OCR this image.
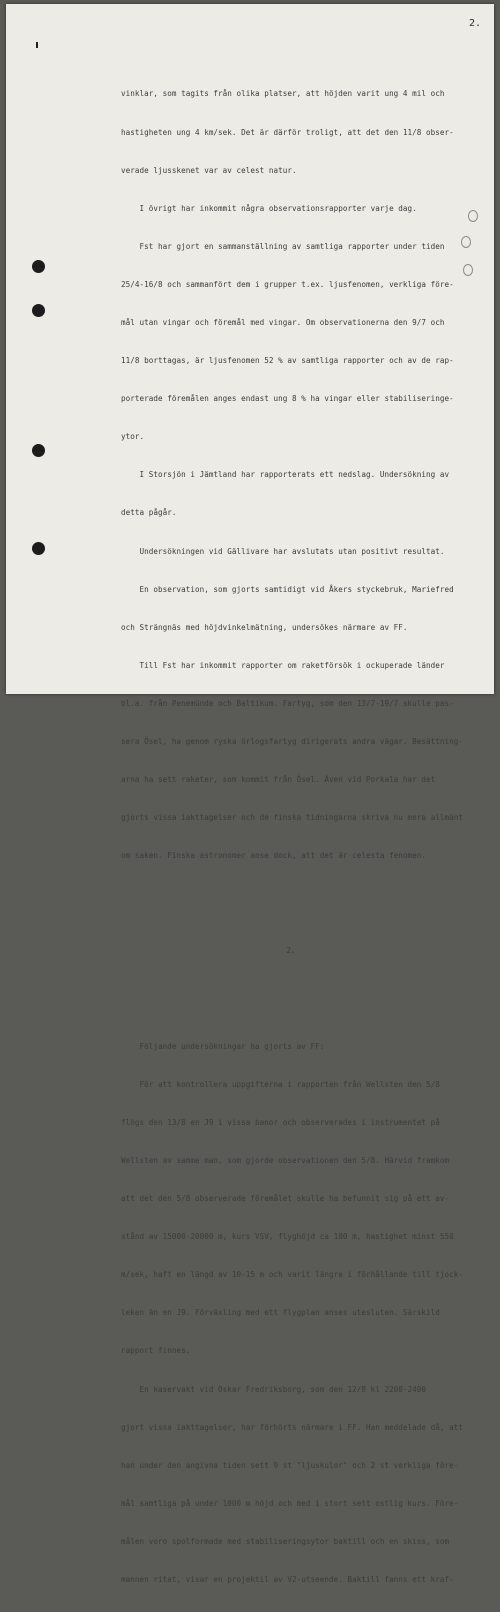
2.

vinklar, som tagits från olika platser, att höjden varit ung 4 mil och

hastigheten ung 4 km/sek. Det är därför troligt, att det den 11/8 obser-

verade ljusskenet var av celest natur.

I övrigt har inkommit några observationsrapporter varje dag.

Fst har gjort en sammanställning av samtliga rapporter under tiden

25/4-16/8 och sammanfört dem i grupper t.ex. ljusfenomen, verkliga före-

mål utan vingar och föremål med vingar. Om observationerna den 9/7 och

11/8 borttagas, är ljusfenomen 52 % av samtliga rapporter och av de rap-

porterade föremålen anges endast ung 8 % ha vingar eller stabiliseringe-

ytor.

I Storsjön i Jämtland har rapporterats ett nedslag. Undersökning av

detta pågår.

Undersökningen vid Gällivare har avslutats utan positivt resultat.

En observation, som gjorts samtidigt vid Åkers styckebruk, Mariefred

och Strängnäs med höjdvinkelmätning, undersökes närmare av FF.

Till Fst har inkommit rapporter om raketförsök i ockuperade länder

bl.a. från Penemünde och Baltikum. Fartyg, som den 13/7-19/7 skulle pas-

sera Ösel, ha genom ryska örlogsfartyg dirigerats andra vägar. Besättning-

arna ha sett raketer, som kommit från Ösel. Även vid Porkala har det

gjorts vissa iakttagelser och de finska tidningarna skriva nu mera allmänt

om saken. Finska astronomer anse dock, att det är celesta fenomen.

2.

Följande undersökningar ha gjorts av FF:

För att kontrollera uppgifterna i rapporten från Wellsten den 5/8

flögs den 13/8 en J9 i vissa banor och observerades i instrumentet på

Wellsten av samme man, som gjorde observationen den 5/8. Härvid framkom

att det den 5/8 observerade föremålet skulle ha befunnit sig på ett av-

stånd av 15000-20000 m, kurs VSV, flyghöjd ca 100 m, hastighet minst 550

m/sek, haft en längd av 10-15 m och varit längre i förhållande till tjock-

leken än en J9. Förväxling med ett flygplan anses utesluten. Särskild

rapport finnes.

En kaservakt vid Oskar Fredriksborg, som den 12/8 kl 2200-2400

gjort vissa iakttagelser, har förhörts närmare i FF. Han meddelade då, att

han under den angivna tiden sett 9 st "ljuskulor" och 2 st verkliga före-

mål samtliga på under 1000 m höjd och med i stort sett ostlig kurs. Före-

målen voro spolformade med stabiliseringsytor baktill och en skiss, som

mannen ritat, visar en projektil av V2-utseende. Baktill fanns ett kraf-
